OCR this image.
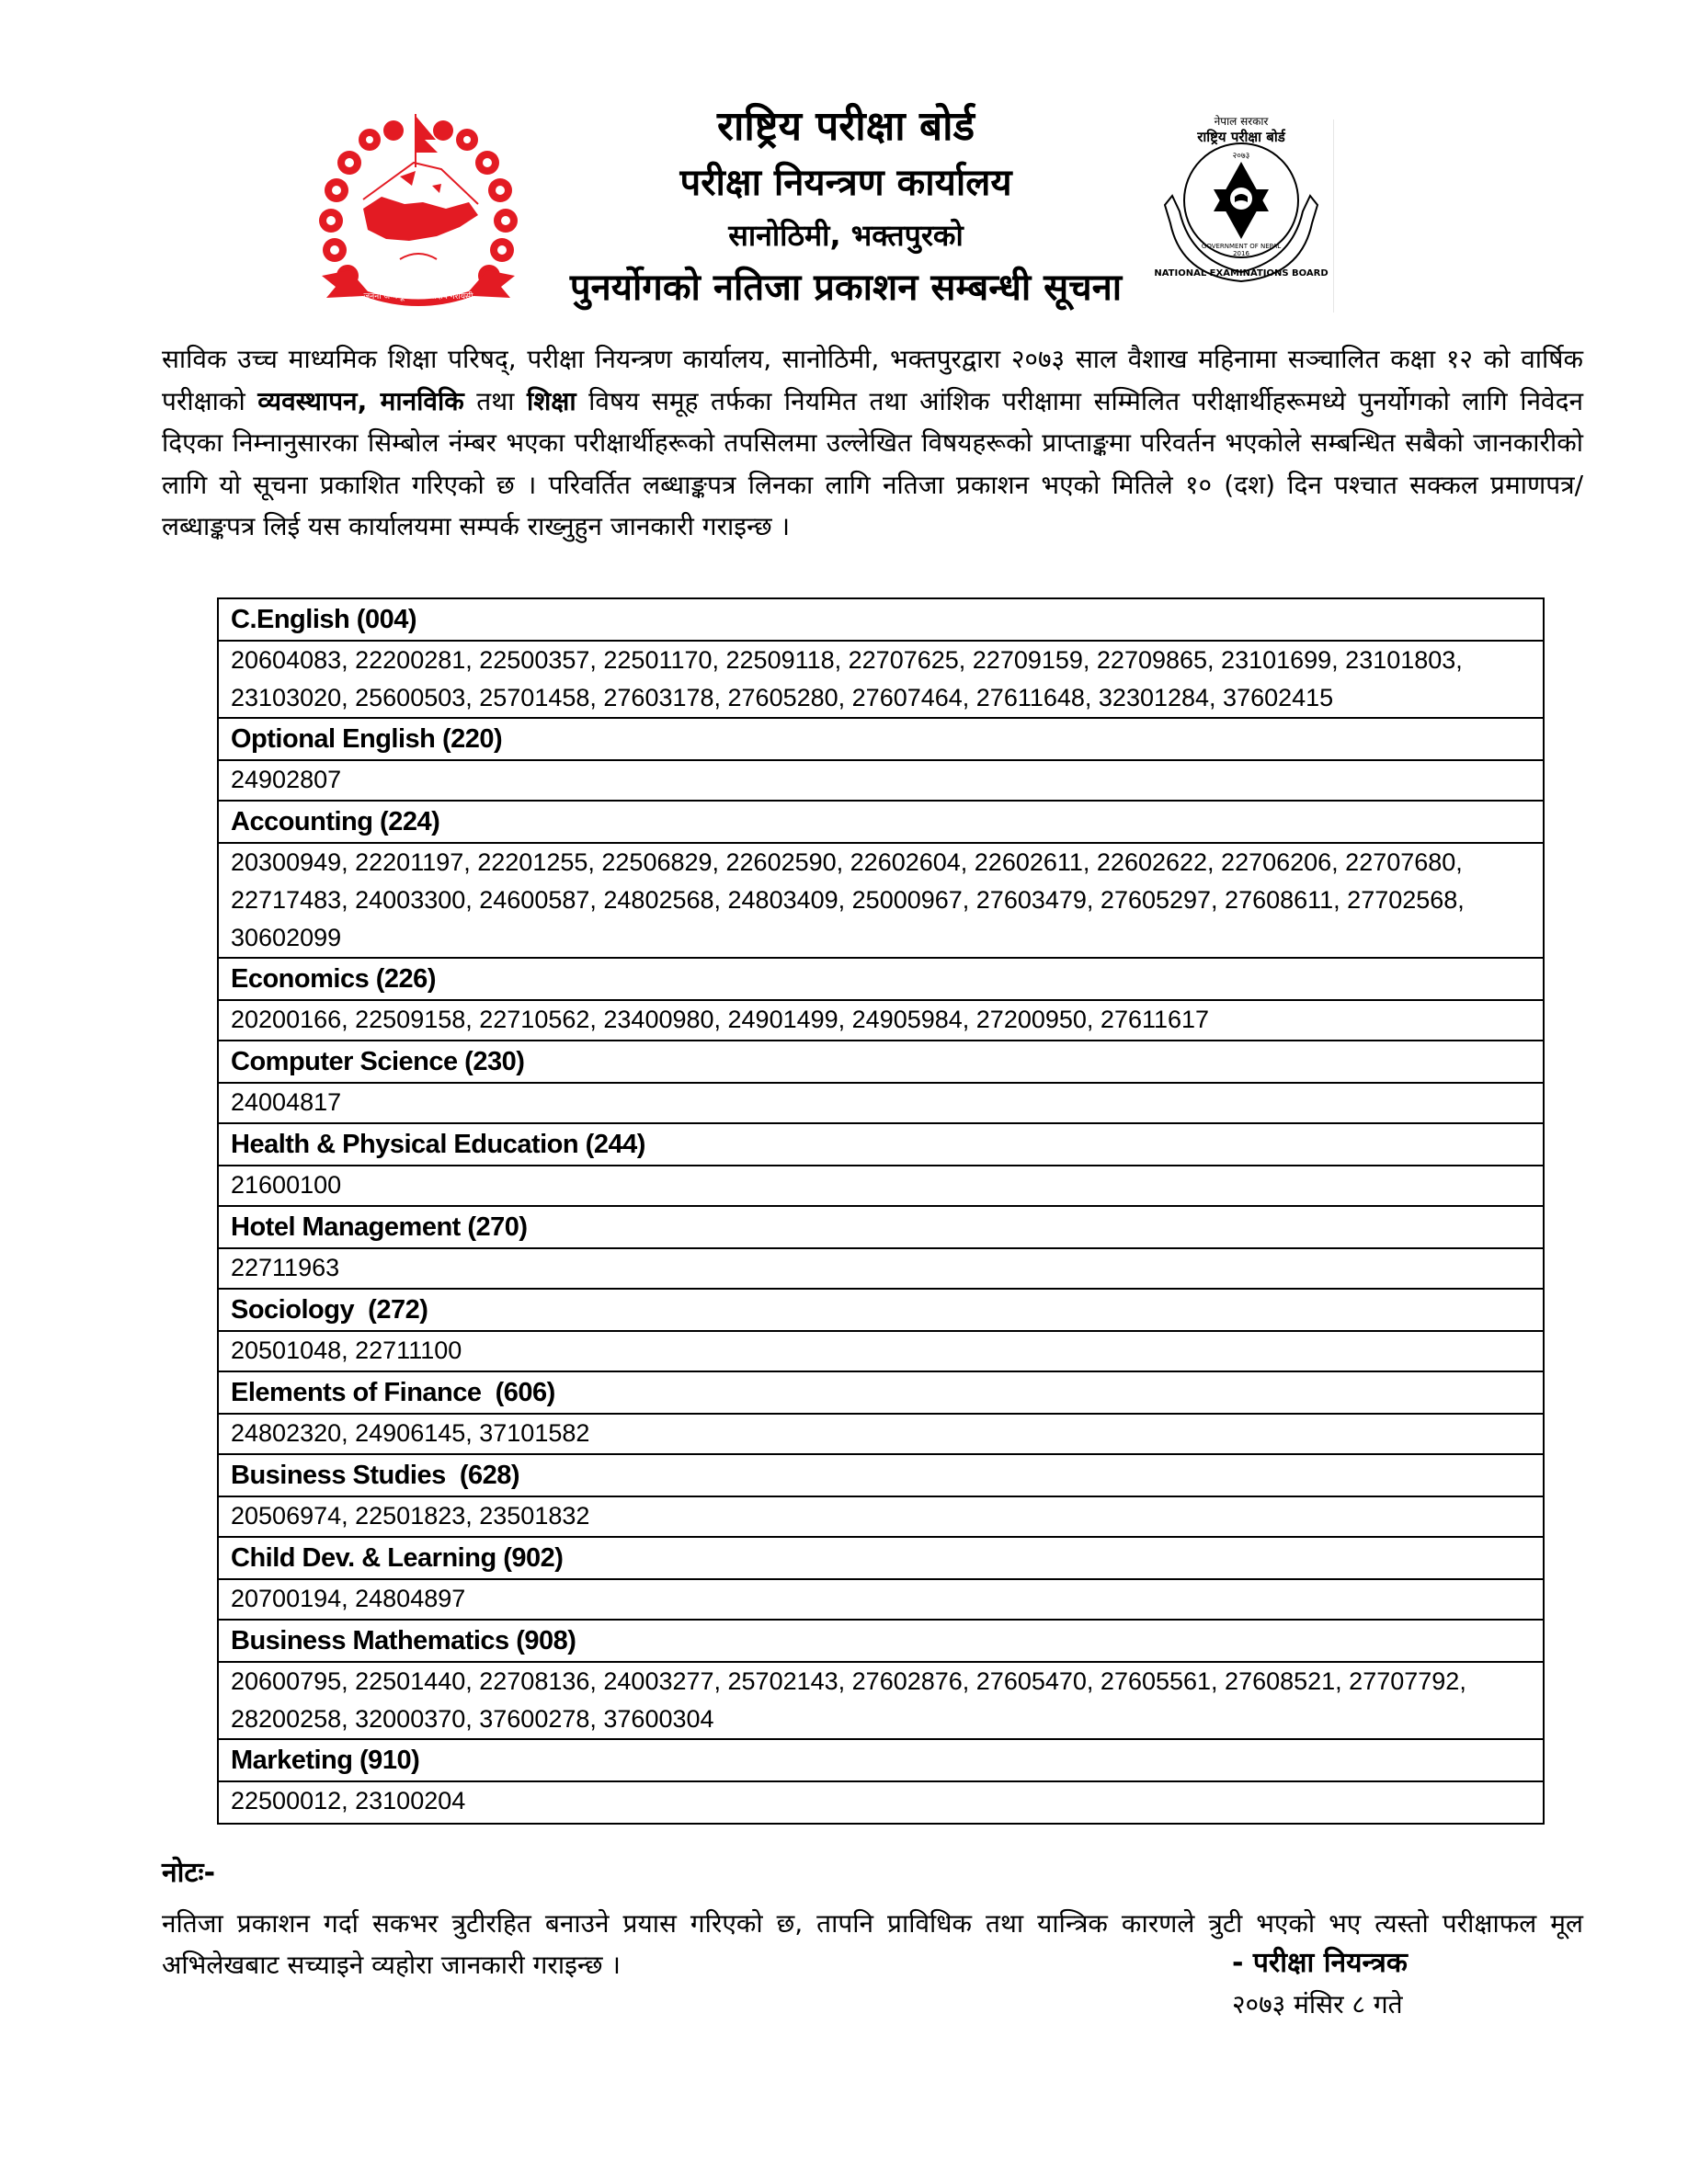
जननी जन्मभूमिश्च स्वर्गादपि गरीयसी
राष्ट्रिय परीक्षा बोर्ड
परीक्षा नियन्त्रण कार्यालय
सानोठिमी, भक्तपुरको
पुनर्योगको नतिजा प्रकाशन सम्बन्धी सूचना
नेपाल सरकार
राष्ट्रिय परीक्षा बोर्ड
२०७३
GOVERNMENT OF NEPAL
2016
NATIONAL EXAMINATIONS BOARD
साविक उच्च माध्यमिक शिक्षा परिषद्, परीक्षा नियन्त्रण कार्यालय, सानोठिमी, भक्तपुरद्वारा २०७३ साल वैशाख महिनामा सञ्चालित कक्षा १२ को वार्षिक परीक्षाको व्यवस्थापन, मानविकि तथा शिक्षा विषय समूह तर्फका नियमित तथा आंशिक परीक्षामा सम्मिलित परीक्षार्थीहरूमध्ये पुनर्योगको लागि निवेदन दिएका निम्नानुसारका सिम्बोल नंम्बर भएका परीक्षार्थीहरूको तपसिलमा उल्लेखित विषयहरूको प्राप्ताङ्कमा परिवर्तन भएकोले सम्बन्धित सबैको जानकारीको लागि यो सूचना प्रकाशित गरिएको छ । परिवर्तित लब्धाङ्कपत्र लिनका लागि नतिजा प्रकाशन भएको मितिले १० (दश) दिन पश्चात सक्कल प्रमाणपत्र/लब्धाङ्कपत्र लिई यस कार्यालयमा सम्पर्क राख्नुहुन जानकारी गराइन्छ ।
C.English (004)
20604083, 22200281, 22500357, 22501170, 22509118, 22707625, 22709159, 22709865, 23101699, 23101803, 23103020, 25600503, 25701458, 27603178, 27605280, 27607464, 27611648, 32301284, 37602415
Optional English (220)
24902807
Accounting (224)
20300949, 22201197, 22201255, 22506829, 22602590, 22602604, 22602611, 22602622, 22706206, 22707680, 22717483, 24003300, 24600587, 24802568, 24803409, 25000967, 27603479, 27605297, 27608611, 27702568, 30602099
Economics (226)
20200166, 22509158, 22710562, 23400980, 24901499, 24905984, 27200950, 27611617
Computer Science (230)
24004817
Health & Physical Education (244)
21600100
Hotel Management (270)
22711963
Sociology  (272)
20501048, 22711100
Elements of Finance  (606)
24802320, 24906145, 37101582
Business Studies  (628)
20506974, 22501823, 23501832
Child Dev. & Learning (902)
20700194, 24804897
Business Mathematics (908)
20600795, 22501440, 22708136, 24003277, 25702143, 27602876, 27605470, 27605561, 27608521, 27707792, 28200258, 32000370, 37600278, 37600304
Marketing (910)
22500012, 23100204
नोटः-
नतिजा प्रकाशन गर्दा सकभर त्रुटीरहित बनाउने प्रयास गरिएको छ, तापनि प्राविधिक तथा यान्त्रिक कारणले त्रुटी भएको भए त्यस्तो परीक्षाफल मूल अभिलेखबाट सच्याइने व्यहोरा जानकारी गराइन्छ ।	- परीक्षा नियन्त्रक
२०७३ मंसिर ८ गते
